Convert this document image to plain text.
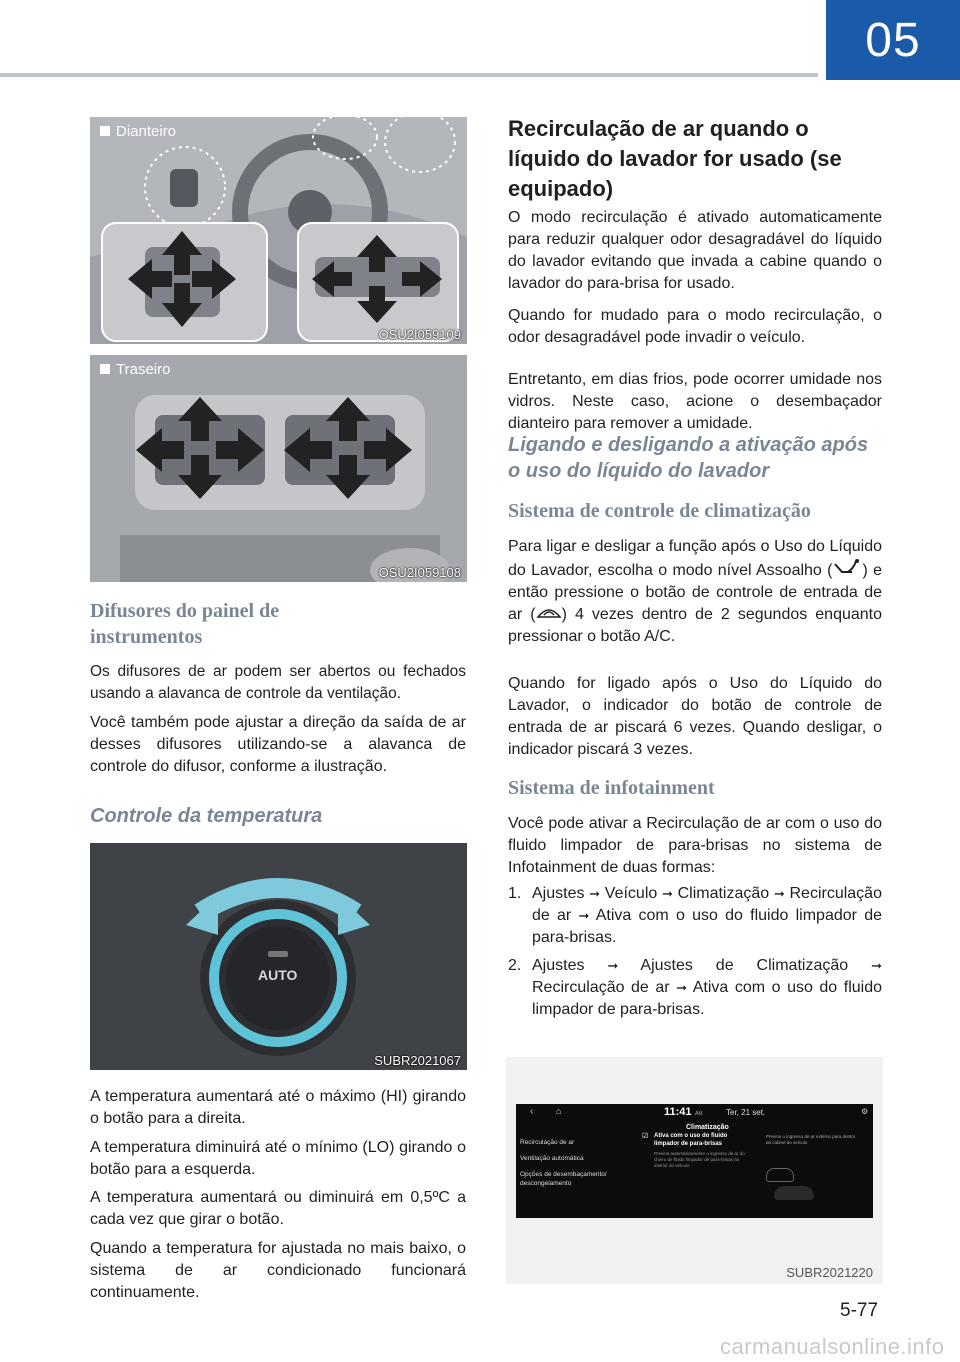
05
Dianteiro
OSU2I059109
Traseiro
OSU2I059108
Difusores do painel de instrumentos

Os difusores de ar podem ser abertos ou fechados usando a alavanca de controle da ventilação.

Você também pode ajustar a direção da saída de ar desses difusores utilizando-se a alavanca de controle do difusor, conforme a ilustração.

Controle da temperatura
AUTO
SUBR2021067

A temperatura aumentará até o máximo (HI) girando o botão para a direita.

A temperatura diminuirá até o mínimo (LO) girando o botão para a esquerda.

A temperatura aumentará ou diminuirá em 0,5ºC a cada vez que girar o botão.

Quando a temperatura for ajustada no mais baixo, o sistema de ar condicionado funcionará continuamente.

Recirculação de ar quando o líquido do lavador for usado (se equipado)

O modo recirculação é ativado automaticamente para reduzir qualquer odor desagradável do líquido do lavador evitando que invada a cabine quando o lavador do para-brisa for usado.

Quando for mudado para o modo recirculação, o odor desagradável pode invadir o veículo.

Entretanto, em dias frios, pode ocorrer umidade nos vidros. Neste caso, acione o desembaçador dianteiro para remover a umidade.

Ligando e desligando a ativação após o uso do líquido do lavador
Sistema de controle de climatização

Para ligar e desligar a função após o Uso do Líquido do Lavador, escolha o modo nível Assoalho ( ) e então pressione o botão de controle de entrada de ar ( ) 4 vezes dentro de 2 segundos enquanto pressionar o botão A/C.

Quando for ligado após o Uso do Líquido do Lavador, o indicador do botão de controle de entrada de ar piscará 6 vezes. Quando desligar, o indicador piscará 3 vezes.

Sistema de infotainment

Você pode ativar a Recirculação de ar com o uso do fluido limpador de para-brisas no sistema de Infotainment de duas formas:

1. Ajustes ➞ Veículo ➞ Climatização ➞ Recirculação de ar ➞ Ativa com o uso do fluido limpador de para-brisas.
2. Ajustes ➞ Ajustes de Climatização ➞ Recirculação de ar ➞ Ativa com o uso do fluido limpador de para-brisas.
‹	⌂	11:41 AM	Ter, 21 set.	⚙
Climatização
Recirculação de ar
Ventilação automática
Opções de desembaçamento/ descongelamento
☑ Ativa com o uso do fluido limpador de para-brisas
Previne automaticamente o ingresso de ar do cheiro de fluido limpador de para-brisas ao interior do veículo
Previne o ingresso de ar externo para dentro da cabine do veículo
SUBR2021220
5-77
carmanualsonline.info
